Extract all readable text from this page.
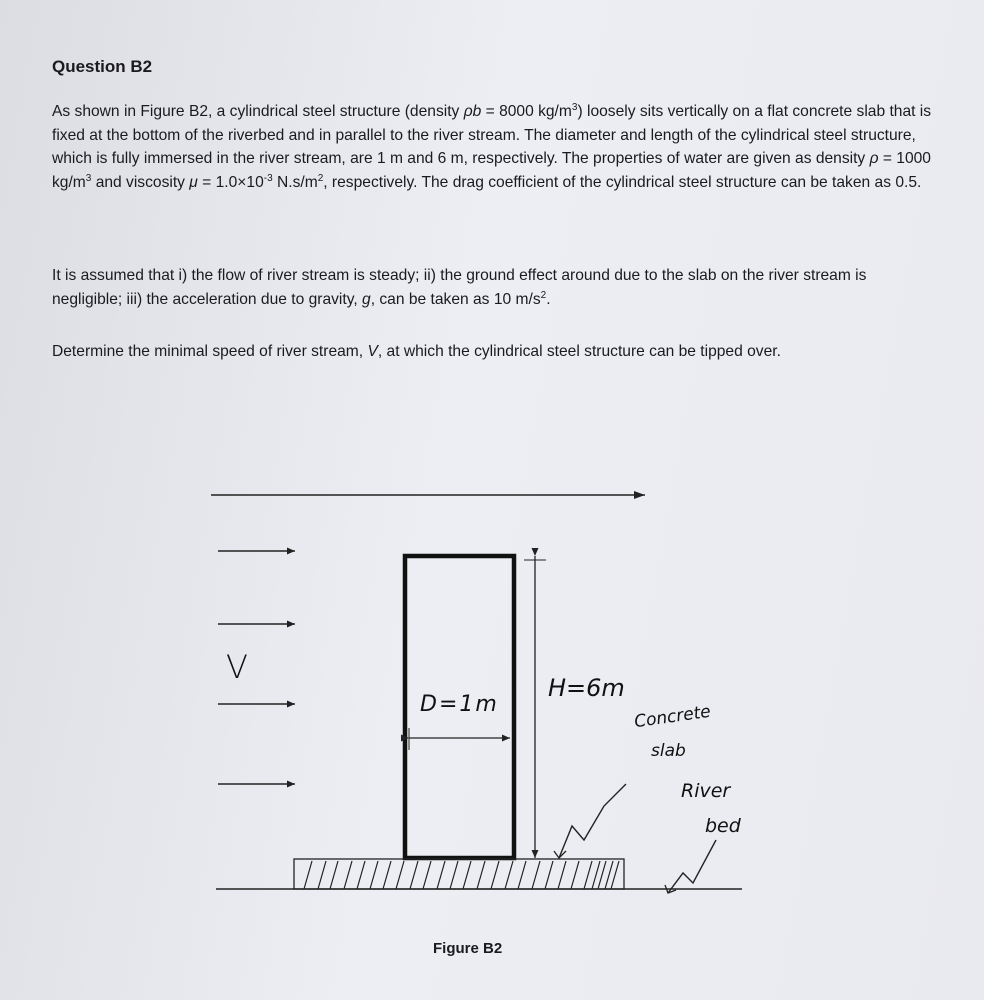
Question B2
As shown in Figure B2, a cylindrical steel structure (density ρb = 8000 $kg/m^3$) loosely sits vertically on a flat concrete slab that is fixed at the bottom of the riverbed and in parallel to the river stream. The diameter and length of the cylindrical steel structure, which is fully immersed in the river stream, are 1 m and 6 m, respectively. The properties of water are given as density ρ = 1000 $kg/m^3$ and viscosity $\mu = 1.0\times 10^{-3}$ $N.s/m^2$, respectively. The drag coefficient of the cylindrical steel structure can be taken as 0.5.
It is assumed that i) the flow of river stream is steady; ii) the ground effect around due to the slab on the river stream is negligible; iii) the acceleration due to gravity, g, can be taken as 10 $m/s^2$.
Determine the minimal speed of river stream, V, at which the cylindrical steel structure can be tipped over.
V
D=1m
H=6m
Concrete
slab
River
bed
Figure B2
